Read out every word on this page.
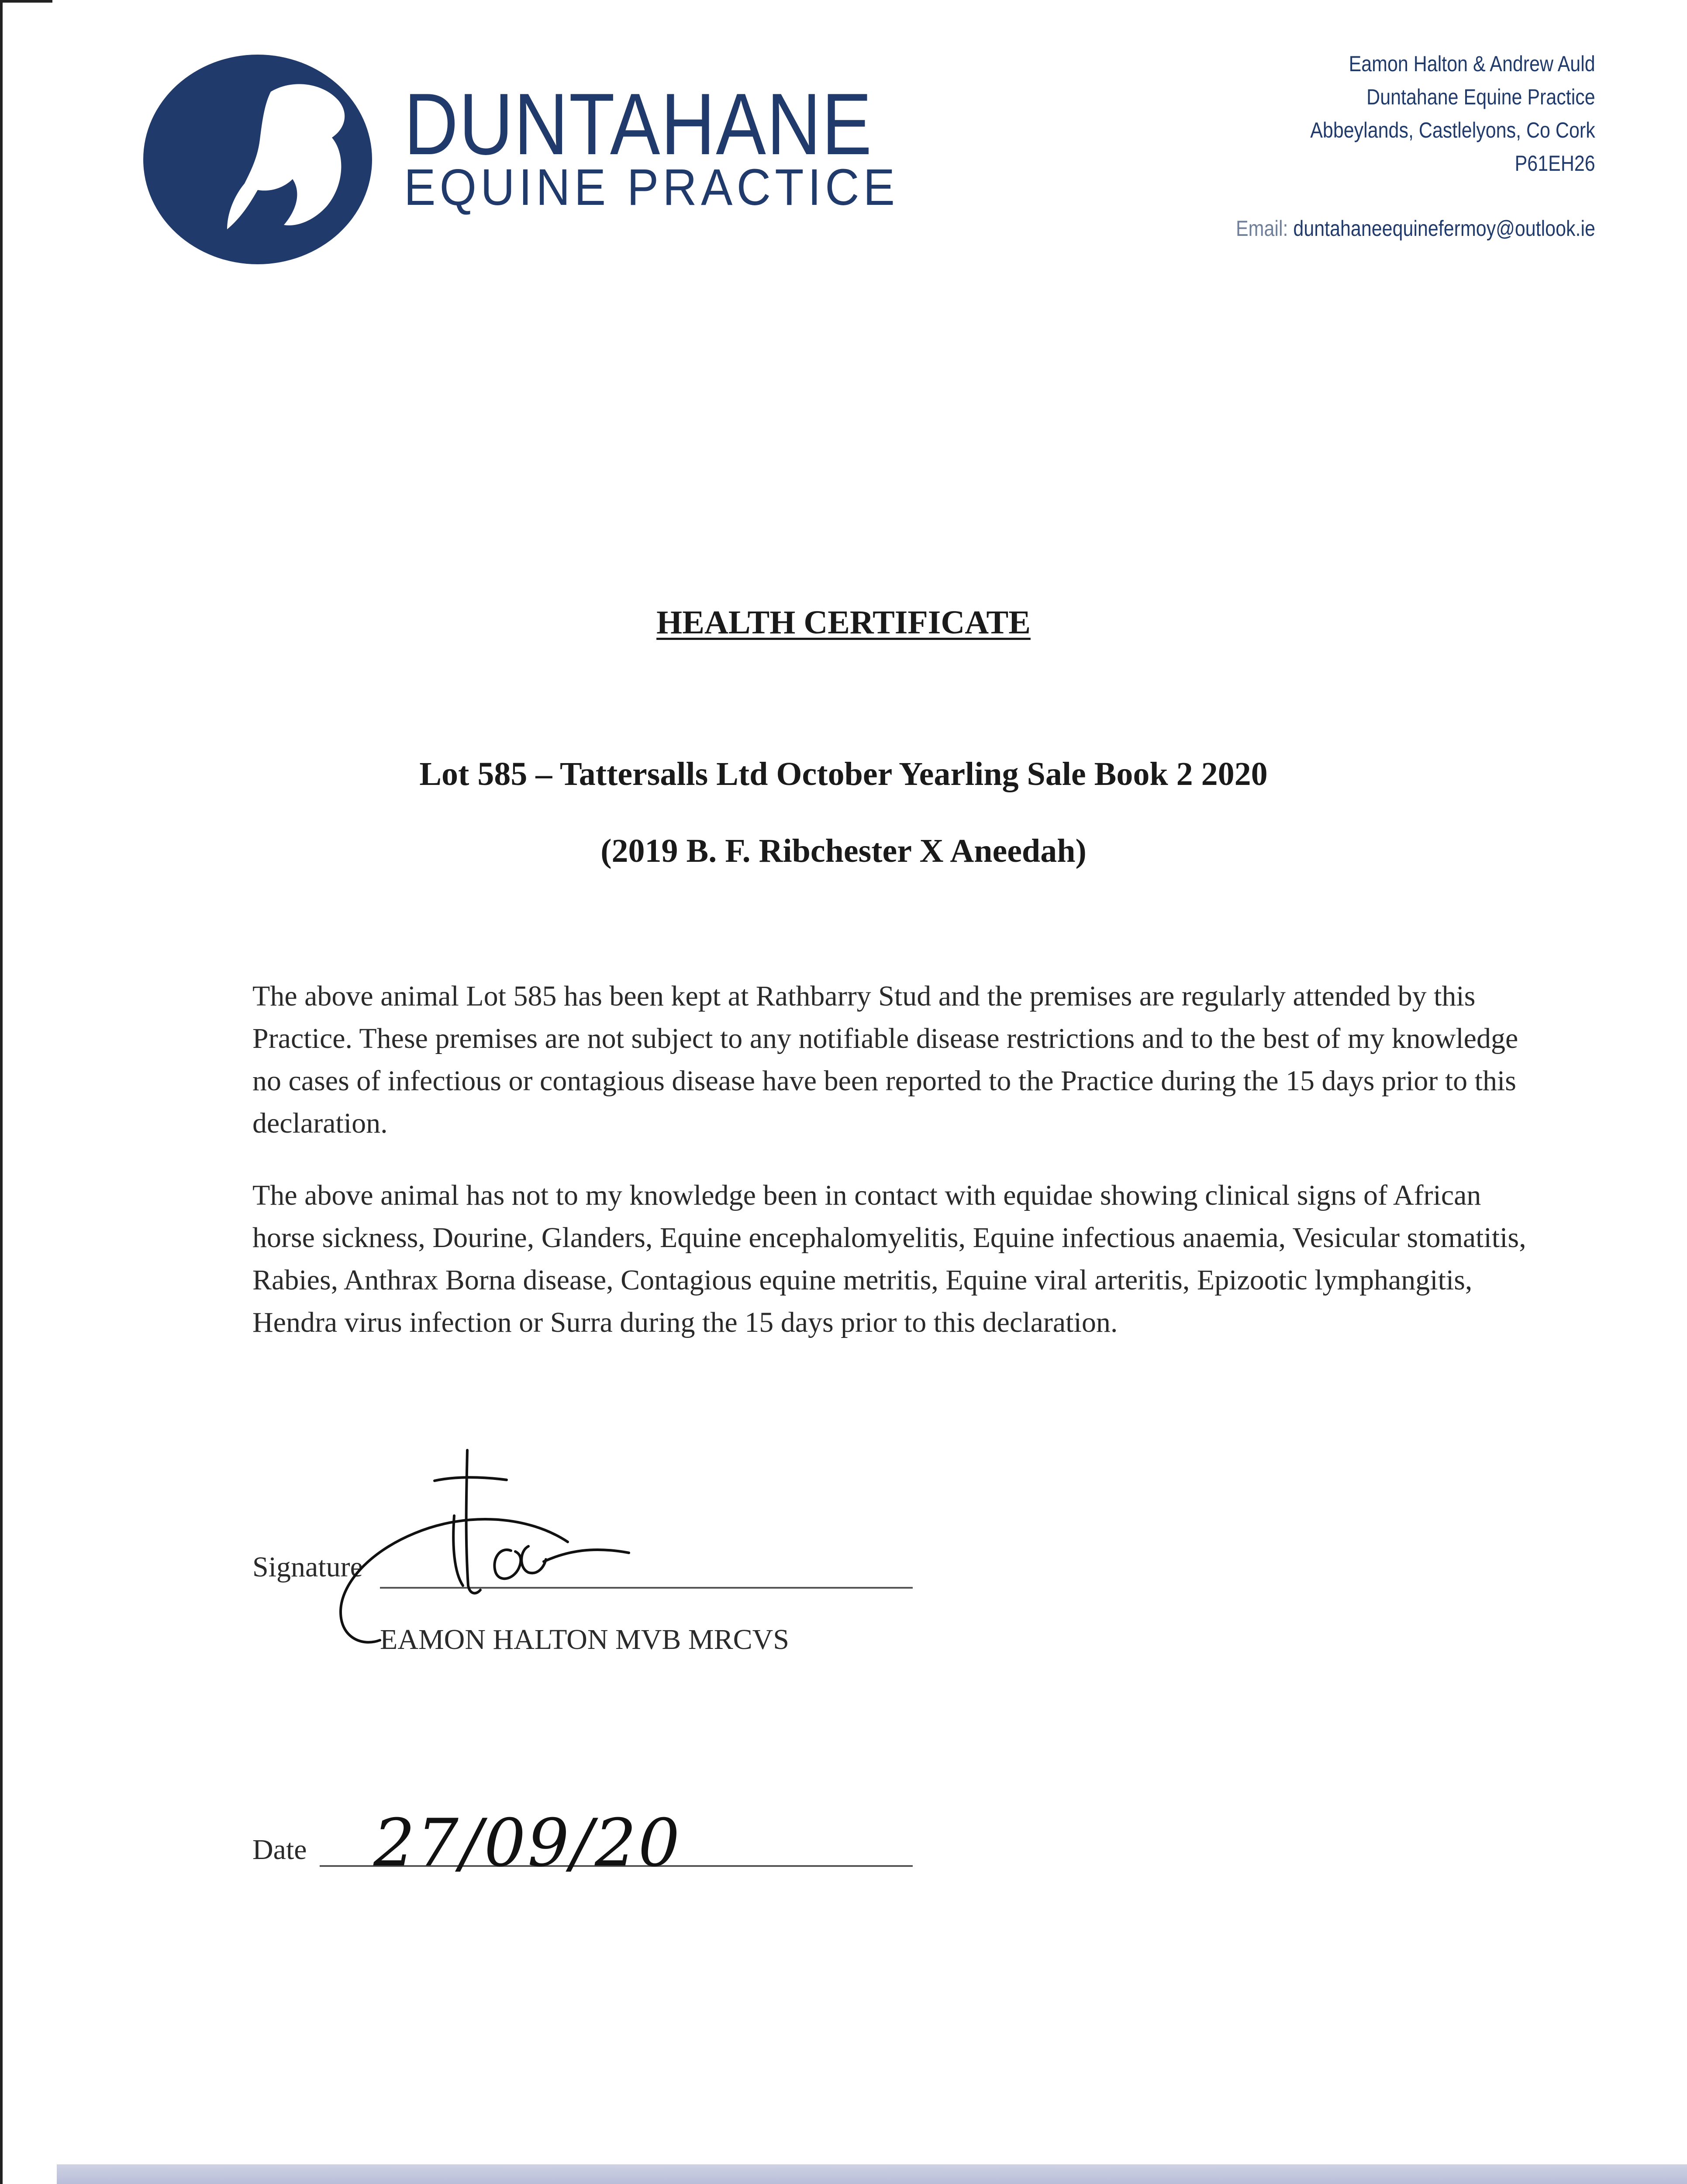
DUNTAHANE
EQUINE PRACTICE
Eamon Halton & Andrew Auld
Duntahane Equine Practice
Abbeylands, Castlelyons, Co Cork
P61EH26
Email: duntahaneequinefermoy@outlook.ie
HEALTH CERTIFICATE
Lot 585 – Tattersalls Ltd October Yearling Sale Book 2 2020
(2019 B. F. Ribchester X Aneedah)
The above animal Lot 585 has been kept at Rathbarry Stud and the premises are regularly attended by this Practice. These premises are not subject to any notifiable disease restrictions and to the best of my knowledge no cases of infectious or contagious disease have been reported to the Practice during the 15 days prior to this declaration.
The above animal has not to my knowledge been in contact with equidae showing clinical signs of African horse sickness, Dourine, Glanders, Equine encephalomyelitis, Equine infectious anaemia, Vesicular stomatitis, Rabies, Anthrax Borna disease, Contagious equine metritis, Equine viral arteritis, Epizootic lymphangitis, Hendra virus infection or Surra during the 15 days prior to this declaration.
Signature
EAMON HALTON MVB MRCVS
Date 27/09/20
